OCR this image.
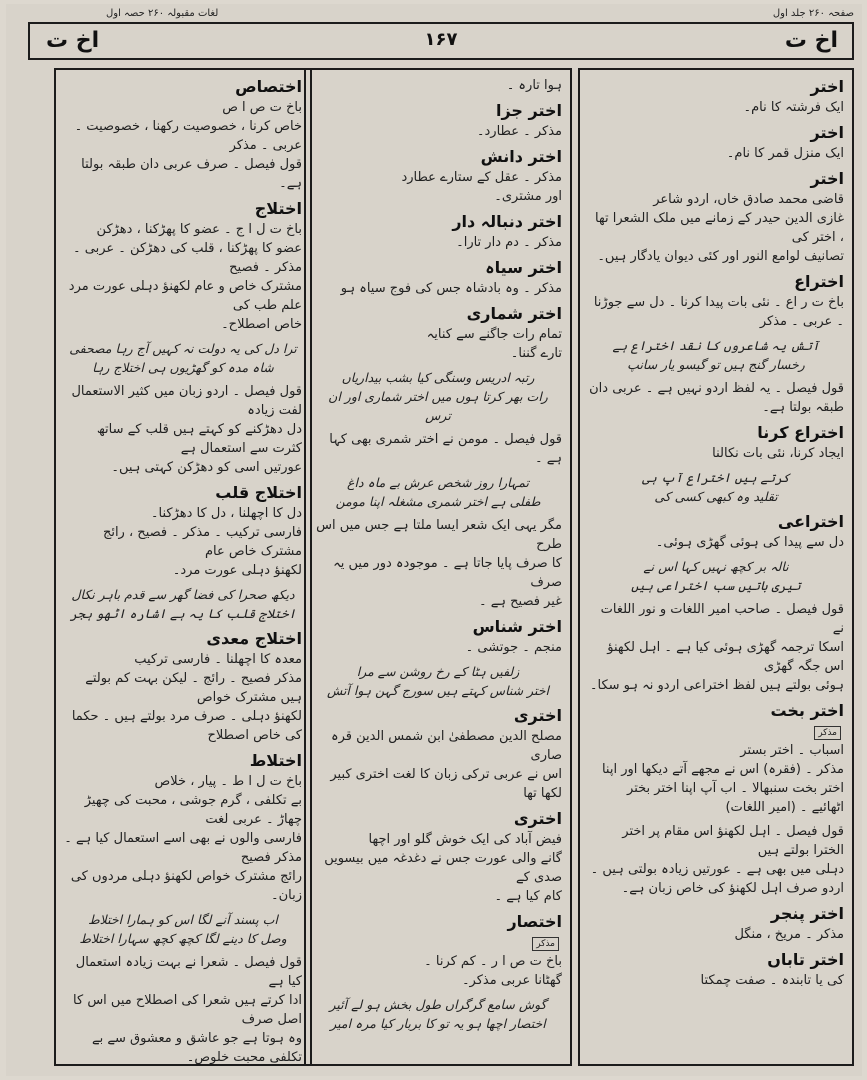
صفحہ ۲۶۰ جلد اول
لغات مقبولہ ۲۶۰ حصہ اول
اخ ت
۱۶۷
اخ ت
اختر
ایک فرشتہ کا نام۔
اختر
ایک منزل قمر کا نام۔
اختر
قاضی محمد صادق خاں، اردو شاعر
غازی الدین حیدر کے زمانے میں ملک الشعرا تھا ، اختر کی
تصانیف لوامع النور اور کئی دیوان یادگار ہیں۔
اختراع
باخ ت ر اع ۔ نئی بات پیدا کرنا ۔ دل سے جوڑنا ۔ عربی ۔ مذکر
آتش یہ شاعروں کا نقد اختراع ہے
رخسار گنج ہیں تو گیسو یار سانپ
قول فیصل ۔ یہ لفظ اردو نہیں ہے ۔ عربی دان طبقہ بولتا ہے۔
اختراع کرنا
ایجاد کرنا، نئی بات نکالنا
کرتے ہیں اختراع آپ ہی
تقلید وہ کبھی کسی کی
اختراعی
دل سے پیدا کی ہوئی گھڑی ہوئی۔
نالہ بر کچھ نہیں کہا اس نے
تیری باتیں سب اختراعی ہیں
قول فیصل ۔ صاحب امیر اللغات و نور اللغات نے
اسکا ترجمہ گھڑی ہوئی کیا ہے ۔ اہل لکھنؤ اس جگہ گھڑی
ہوئی بولتے ہیں لفظ اختراعی اردو نہ ہو سکا۔
اختر بخت
مذکر
اسباب ۔ اختر بستر
مذکر ۔ (فقرہ) اس نے مجھے آتے دیکھا اور اپنا
اختر بخت سنبھالا ۔ اب آپ اپنا اختر بختر
اٹھائیے ۔ (امیر اللغات)
قول فیصل ۔ اہل لکھنؤ اس مقام پر اختر الخترا بولتے ہیں
دہلی میں بھی ہے ۔ عورتیں زیادہ بولتی ہیں ۔
اردو صرف اہل لکھنؤ کی خاص زبان ہے۔
اختر پنجر
مذکر ۔ مریخ ، منگل
اختر تاباں
کی یا تابندہ ۔ صفت چمکتا
ہوا تارہ ۔
اختر جزا
مذکر ۔ عطارد۔
اختر دانش
مذکر ۔ عقل کے ستارے عطارد
اور مشتری۔
اختر دنبالہ دار
مذکر ۔ دم دار تارا۔
اختر سیاہ
مذکر ۔ وہ بادشاہ جس کی فوج سیاہ ہو
اختر شماری
تمام رات جاگنے سے کنایہ
تارے گننا۔
رتبہ ادریس وسنگی کیا بشب بیداریاں
رات بھر کرتا ہوں میں اختر شماری اور ان ترس
قول فیصل ۔ مومن نے اختر شمری بھی کہا
ہے ۔
تمہارا روز شخص عرش بے ماہ داغ
طفلی ہے اختر شمری مشغلہ اپنا مومن
مگر یہی ایک شعر ایسا ملتا ہے جس میں اس طرح
کا صرف پایا جاتا ہے ۔ موجودہ دور میں یہ صرف
غیر فصیح ہے ۔
اختر شناس
منجم ۔ جوتشی ۔
زلفیں ہٹا کے رخ روشن سے مرا
اختر شناس کہتے ہیں سورج گہن ہوا آتش
اختری
مصلح الدین مصطفیٰ ابن شمس الدین قرہ صاری
اس نے عربی ترکی زبان کا لغت اختری کبیر لکھا تھا
اختری
فیض آباد کی ایک خوش گلو اور اچھا
گانے والی عورت جس نے دغدغہ میں بیسویں صدی کے
کام کیا ہے ۔
اختصار
مذکر
باخ ت ص ا ر ۔ کم کرنا ۔
گھٹانا عربی مذکر۔
گوش سامع گرگراں طول بخش ہو لے آئیر
اختصار اچھا ہو یہ تو کا بربار کیا مرہ امیر
اختصاص
باخ ت ص ا ص
خاص کرنا ، خصوصیت رکھنا ، خصوصیت ۔ عربی ۔ مذکر
قول فیصل ۔ صرف عربی دان طبقہ بولتا ہے۔
اختلاج
باخ ت ل ا ج ۔ عضو کا پھڑکنا ، دھڑکن
عضو کا پھڑکنا ، قلب کی دھڑکن ۔ عربی ۔ مذکر ۔ فصیح
مشترک خاص و عام لکھنؤ دہلی عورت مرد علم طب کی
خاص اصطلاح۔
ترا دل کی یہ دولت نہ کہیں آج رہا مصحفی
شاہ مدہ کو گھڑیوں ہی اختلاج رہا
قول فیصل ۔ اردو زبان میں کثیر الاستعمال لفت زیادہ
دل دھڑکنے کو کہتے ہیں قلب کے ساتھ کثرت سے استعمال ہے
عورتیں اسی کو دھڑکن کہتی ہیں۔
اختلاج قلب
دل کا اچھلنا ، دل کا دھڑکنا۔
فارسی ترکیب ۔ مذکر ۔ فصیح ، رائج مشترک خاص عام
لکھنؤ دہلی عورت مرد۔
دیکھ صحرا کی فضا گھر سے قدم باہر نکال
اختلاج قلب کا یہ ہے اشارہ اٹھو ہجر
اختلاج معدی
معدہ کا اچھلنا ۔ فارسی ترکیب
مذکر فصیح ۔ رائج ۔ لیکن بہت کم بولتے ہیں مشترک خواص
لکھنؤ دہلی ۔ صرف مرد بولتے ہیں ۔ حکما کی خاص اصطلاح
اختلاط
باخ ت ل ا ط ۔ پیار ، خلاص
بے تکلفی ، گرم جوشی ، محبت کی چھیڑ چھاڑ ۔ عربی لغت
فارسی والوں نے بھی اسے استعمال کیا ہے ۔ مذکر فصیح
رائج مشترک خواص لکھنؤ دہلی مردوں کی زبان۔
اب پسند آنے لگا اس کو ہمارا اختلاط
وصل کا دینے لگا کچھ کچھ سہارا اختلاط
قول فیصل ۔ شعرا نے بہت زیادہ استعمال کیا ہے
ادا کرتے ہیں شعرا کی اصطلاح میں اس کا اصل صرف
وہ ہوتا ہے جو عاشق و معشوق سے بے تکلفی محبت خلوص۔
